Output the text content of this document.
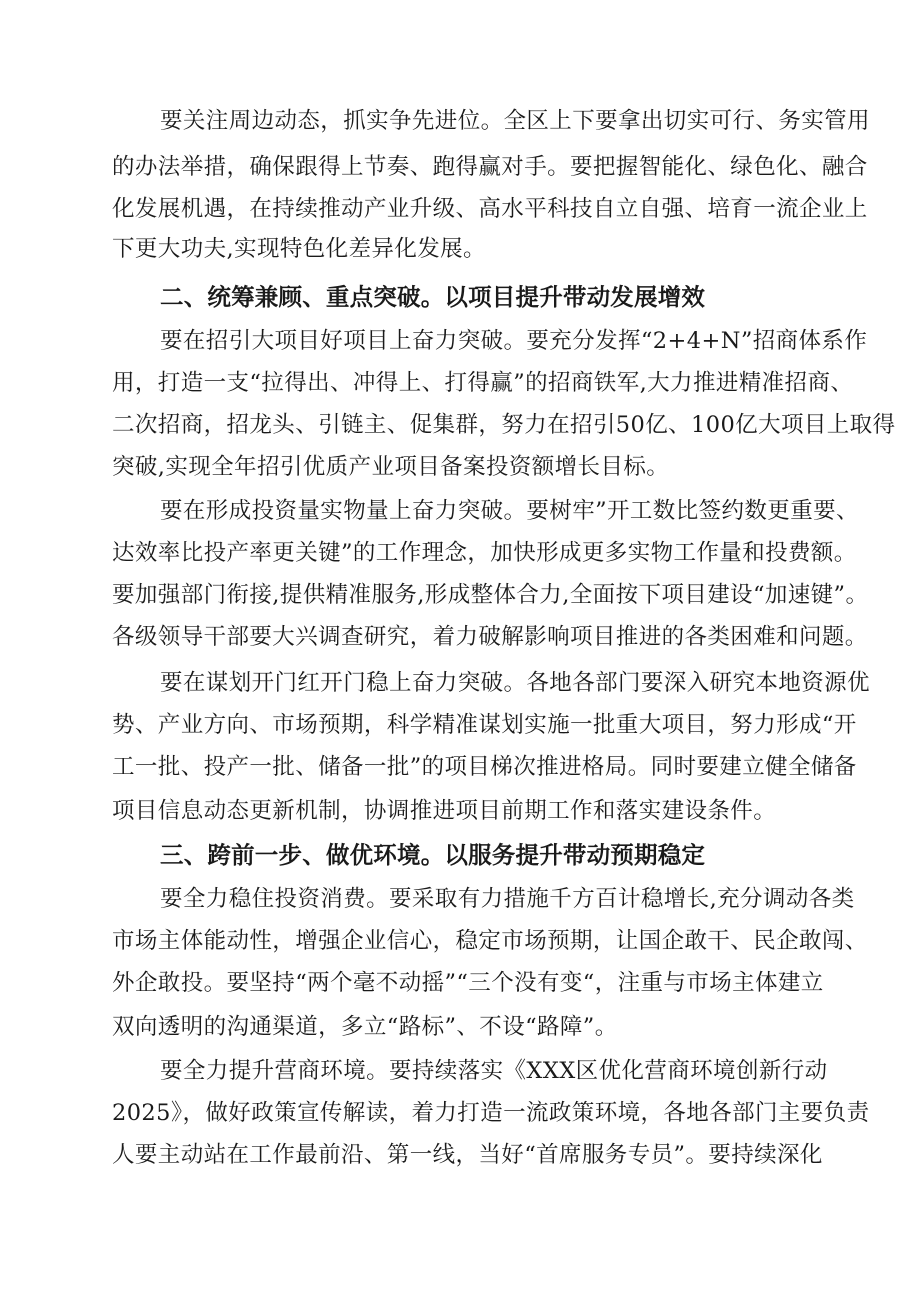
要关注周边动态，抓实争先进位。全区上下要拿出切实可行、务实管用
的办法举措，确保跟得上节奏、跑得赢对手。要把握智能化、绿色化、融合
化发展机遇，在持续推动产业升级、高水平科技自立自强、培育一流企业上
下更大功夫,实现特色化差异化发展。
二、统筹兼顾、重点突破。以项目提升带动发展增效
要在招引大项目好项目上奋力突破。要充分发挥“2+4+N”招商体系作
用，打造一支“拉得出、冲得上、打得赢”的招商铁军,大力推进精准招商、
二次招商，招龙头、引链主、促集群，努力在招引50亿、100亿大项目上取得
突破,实现全年招引优质产业项目备案投资额增长目标。
要在形成投资量实物量上奋力突破。要树牢”开工数比签约数更重要、
达效率比投产率更关键”的工作理念，加快形成更多实物工作量和投费额。
要加强部门衔接,提供精准服务,形成整体合力,全面按下项目建设“加速键”。
各级领导干部要大兴调查研究，着力破解影响项目推进的各类困难和问题。
要在谋划开门红开门稳上奋力突破。各地各部门要深入研究本地资源优
势、产业方向、市场预期，科学精准谋划实施一批重大项目，努力形成“开
工一批、投产一批、储备一批”的项目梯次推进格局。同时要建立健全储备
项目信息动态更新机制，协调推进项目前期工作和落实建设条件。
三、跨前一步、做优环境。以服务提升带动预期稳定
要全力稳住投资消费。要采取有力措施千方百计稳增长,充分调动各类
市场主体能动性，增强企业信心，稳定市场预期，让国企敢干、民企敢闯、
外企敢投。要坚持“两个毫不动摇”“三个没有变“，注重与市场主体建立
双向透明的沟通渠道，多立“路标”、不设“路障”。
要全力提升营商环境。要持续落实《XXX区优化营商环境创新行动
2025》，做好政策宣传解读，着力打造一流政策环境，各地各部门主要负责
人要主动站在工作最前沿、第一线，当好“首席服务专员”。要持续深化
